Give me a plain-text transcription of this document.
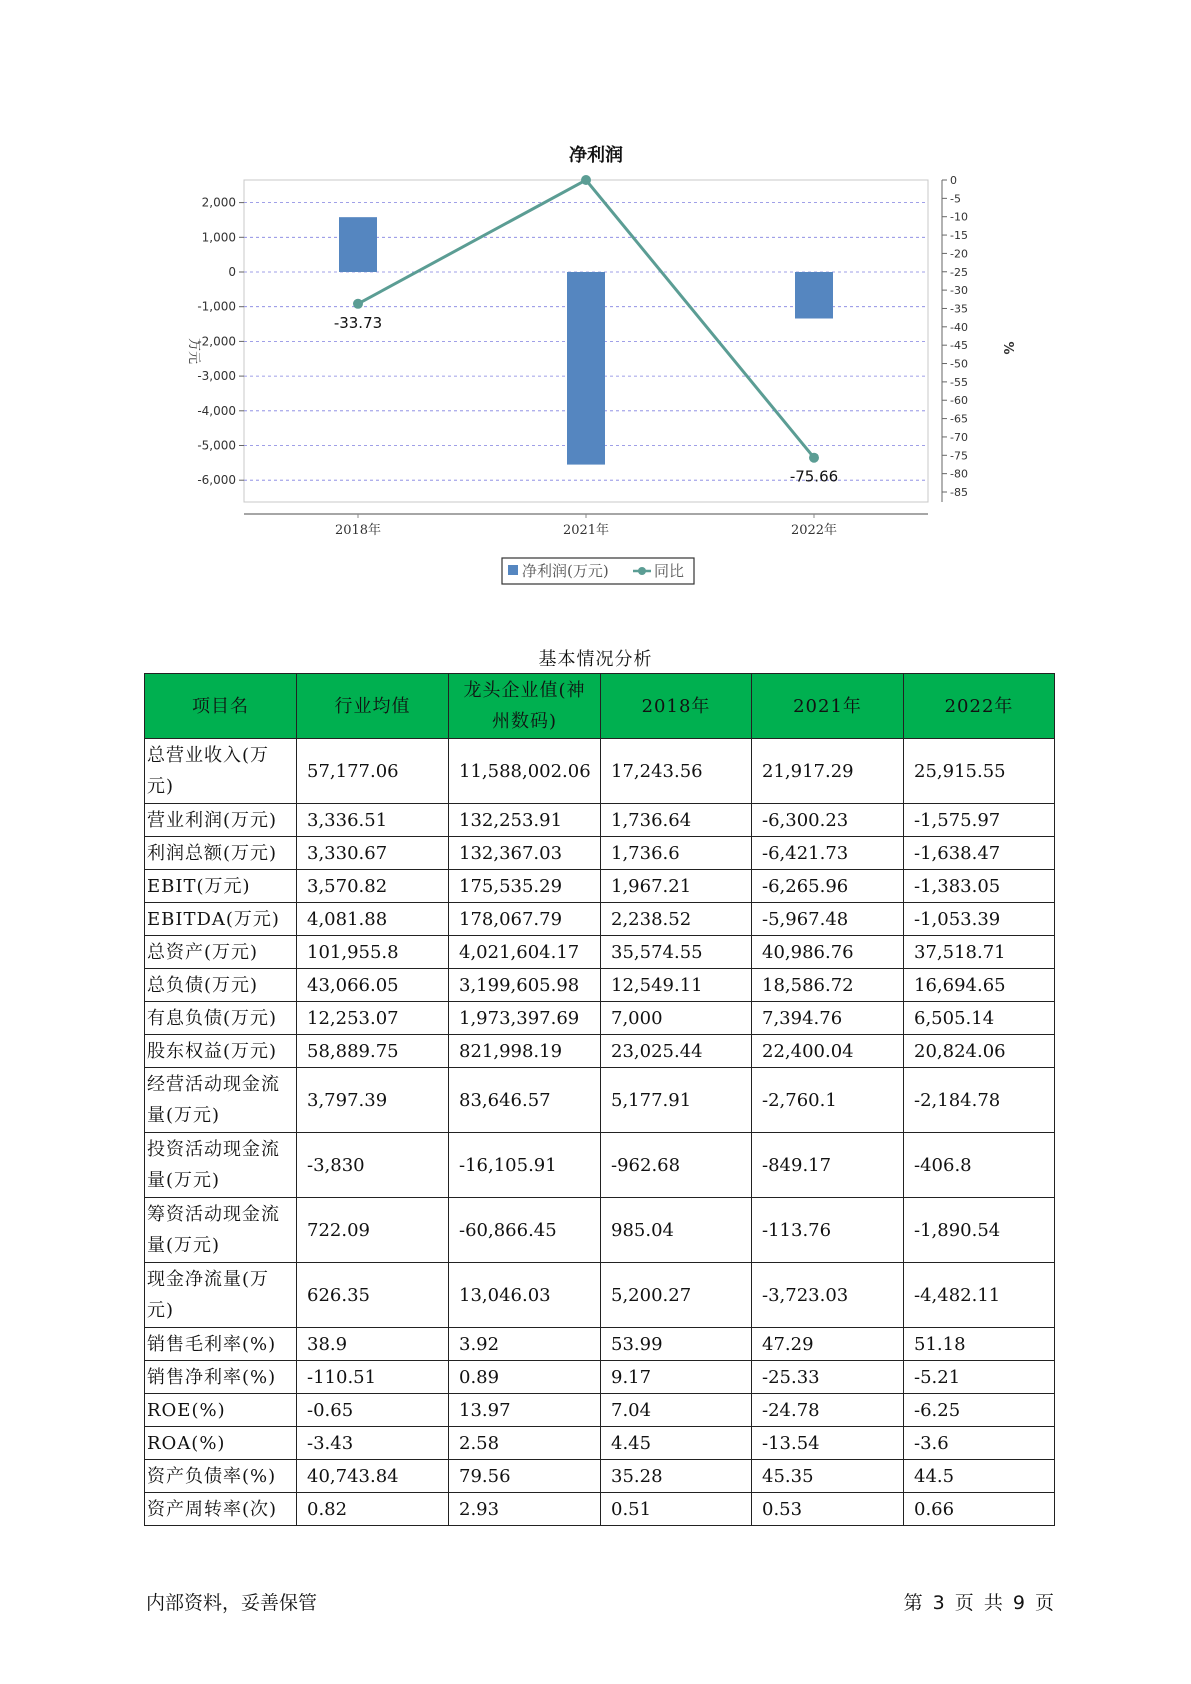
2,000
1,000
0
-1,000
-2,000
-3,000
-4,000
-5,000
-6,000
0
-5
-10
-15
-20
-25
-30
-35
-40
-45
-50
-55
-60
-65
-70
-75
-80
-85
2018年	2021年	2022年
-33.73
-75.66
净利润
万元	%
净利润(万元)	同比
基本情况分析
项目名	行业均值	龙头企业值(神州数码)	2018年	2021年	2022年
总营业收入(万元)	57,177.06	11,588,002.06	17,243.56	21,917.29	25,915.55
营业利润(万元)	3,336.51	132,253.91	1,736.64	-6,300.23	-1,575.97
利润总额(万元)	3,330.67	132,367.03	1,736.6	-6,421.73	-1,638.47
EBIT(万元)	3,570.82	175,535.29	1,967.21	-6,265.96	-1,383.05
EBITDA(万元)	4,081.88	178,067.79	2,238.52	-5,967.48	-1,053.39
总资产(万元)	101,955.8	4,021,604.17	35,574.55	40,986.76	37,518.71
总负债(万元)	43,066.05	3,199,605.98	12,549.11	18,586.72	16,694.65
有息负债(万元)	12,253.07	1,973,397.69	7,000	7,394.76	6,505.14
股东权益(万元)	58,889.75	821,998.19	23,025.44	22,400.04	20,824.06
经营活动现金流量(万元)	3,797.39	83,646.57	5,177.91	-2,760.1	-2,184.78
投资活动现金流量(万元)	-3,830	-16,105.91	-962.68	-849.17	-406.8
筹资活动现金流量(万元)	722.09	-60,866.45	985.04	-113.76	-1,890.54
现金净流量(万元)	626.35	13,046.03	5,200.27	-3,723.03	-4,482.11
销售毛利率(%)	38.9	3.92	53.99	47.29	51.18
销售净利率(%)	-110.51	0.89	9.17	-25.33	-5.21
ROE(%)	-0.65	13.97	7.04	-24.78	-6.25
ROA(%)	-3.43	2.58	4.45	-13.54	-3.6
资产负债率(%)	40,743.84	79.56	35.28	45.35	44.5
资产周转率(次)	0.82	2.93	0.51	0.53	0.66
内部资料，妥善保管	第 3 页 共 9 页
